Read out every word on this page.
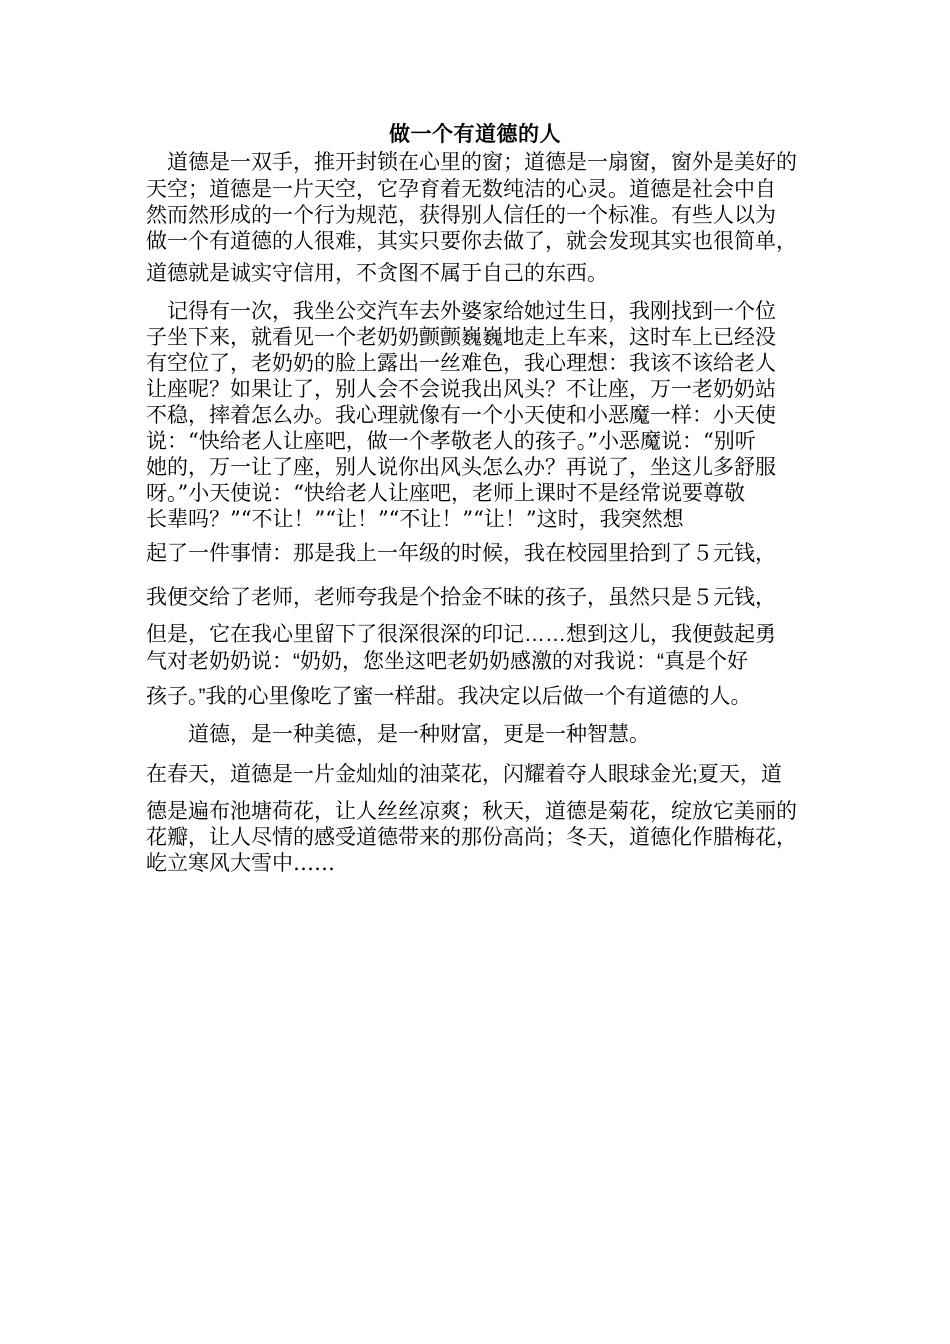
做一个有道德的人
　道德是一双手，推开封锁在心里的窗；道德是一扇窗，窗外是美好的
天空；道德是一片天空，它孕育着无数纯洁的心灵。道德是社会中自
然而然形成的一个行为规范，获得别人信任的一个标准。有些人以为
做一个有道德的人很难，其实只要你去做了，就会发现其实也很简单，
道德就是诚实守信用，不贪图不属于自己的东西。
　记得有一次，我坐公交汽车去外婆家给她过生日，我刚找到一个位
子坐下来，就看见一个老奶奶颤颤巍巍地走上车来，这时车上已经没
有空位了，老奶奶的脸上露出一丝难色，我心理想：我该不该给老人
让座呢？如果让了，别人会不会说我出风头？不让座，万一老奶奶站
不稳，摔着怎么办。我心理就像有一个小天使和小恶魔一样：小天使
说：“快给老人让座吧，做一个孝敬老人的孩子。”小恶魔说：“别听
她的，万一让了座，别人说你出风头怎么办？再说了，坐这儿多舒服
呀。”小天使说：“快给老人让座吧，老师上课时不是经常说要尊敬
长辈吗？”“不让！”“让！”“不让！”“让！”这时，我突然想
起了一件事情：那是我上一年级的时候，我在校园里拾到了５元钱，
我便交给了老师，老师夸我是个拾金不昧的孩子，虽然只是５元钱，
但是，它在我心里留下了很深很深的印记……想到这儿，我便鼓起勇
气对老奶奶说：“奶奶，您坐这吧老奶奶感激的对我说：“真是个好
孩子。”我的心里像吃了蜜一样甜。我决定以后做一个有道德的人。
　　道德，是一种美德，是一种财富，更是一种智慧。
在春天，道德是一片金灿灿的油菜花，闪耀着夺人眼球金光;夏天，道
德是遍布池塘荷花，让人丝丝凉爽；秋天，道德是菊花，绽放它美丽的
花瓣，让人尽情的感受道德带来的那份高尚；冬天，道德化作腊梅花，
屹立寒风大雪中……
